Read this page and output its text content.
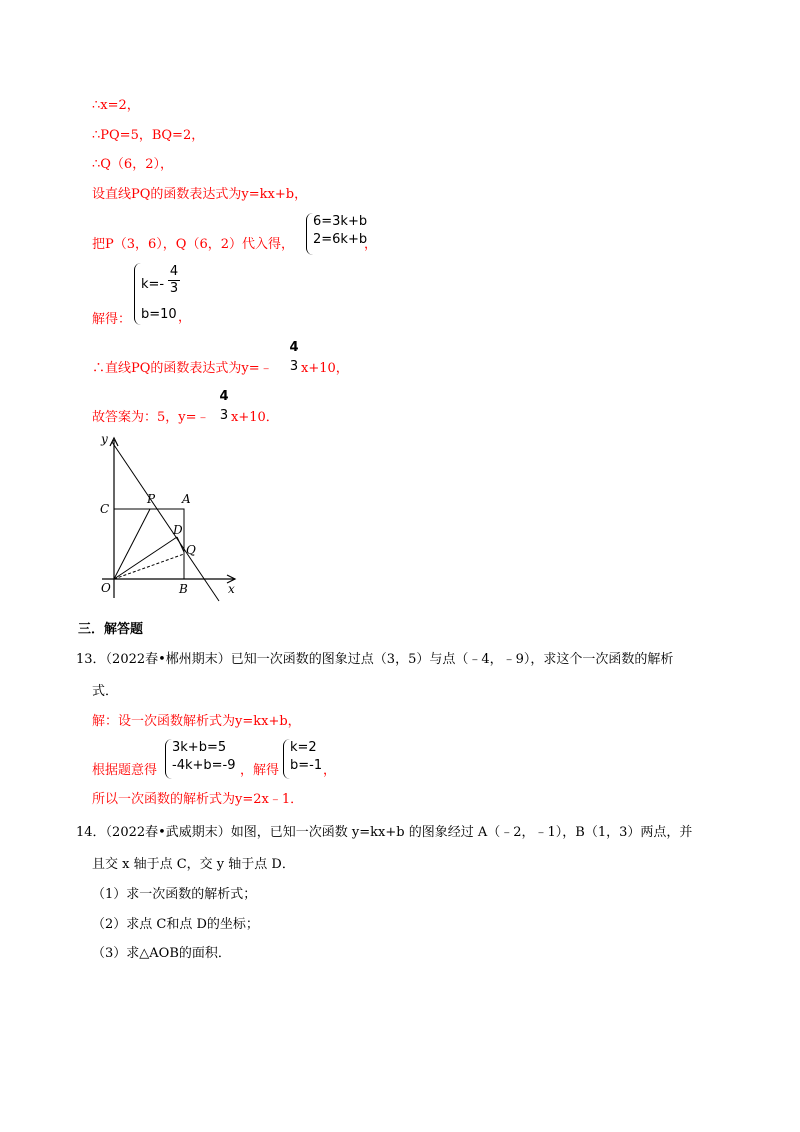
∴x=2，
∴PQ=5，BQ=2，
∴Q（6，2），
设直线PQ的函数表达式为y=kx+b，
把P（3，6），Q（6，2）代入得，
6=3k+b
2=6k+b
，
解得：
k=-
4
3
b=10 ，
∴直线PQ的函数表达式为y=﹣
4
3 x+10，
故答案为：5，y=﹣
4
3 x+10．
y
x
O
C
P A
D
Q
B
三．解答题
13．（2022春•郴州期末）已知一次函数的图象过点（3，5）与点（﹣4，﹣9），求这个一次函数的解析
式．
解：设一次函数解析式为y=kx+b，
根据题意得
3k+b=5
-4k+b=-9 ，解得
k=2
b=-1 ，
所以一次函数的解析式为y=2x﹣1．
14．（2022春•武威期末）如图，已知一次函数 y=kx+b 的图象经过 A（﹣2，﹣1），B（1，3）两点，并
且交 x 轴于点 C，交 y 轴于点 D．
（1）求一次函数的解析式；
（2）求点 C和点 D的坐标；
（3）求△AOB的面积．
